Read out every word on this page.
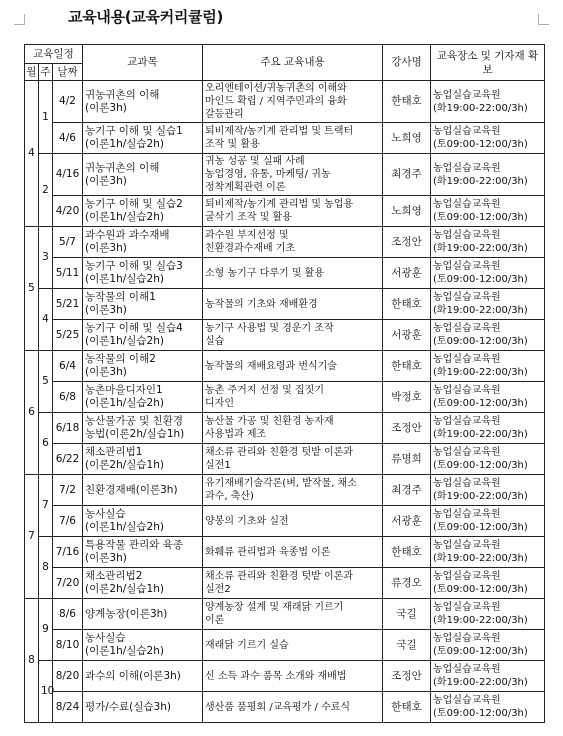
교육내용(교육커리큘럼)
교육일정			교과목	주요 교육내용	강사명	교육장소 및 기자재 확보
월	주	날짜				
4	1	4/2	귀농귀촌의 이해
(이론3h)	오리엔테이션/귀농귀촌의 이해와
마인드 확립 / 지역주민과의 융화
갈등관리	한태호	농업실습교육원
(화19:00-22:00/3h)

		4/6	농기구 이해 및 실습1
(이론1h/실습2h)	퇴비제작/농기계 관리법 및 트랙터
조작 및 활용	노희영	농업실습교육원
(토09:00-12:00/3h)

	2	4/16	귀농귀촌의 이해
(이론3h)	귀농 성공 및 실패 사례
농업경영, 유통, 마케팅/ 귀농
정착계획관련 이론	최경주	농업실습교육원
(화19:00-22:00/3h)

		4/20	농기구 이해 및 실습2
(이론1h/실습2h)	퇴비제작/농기계 관리법 및 농업용
굴삭기 조작 및 활용	노희영	농업실습교육원
(토09:00-12:00/3h)

5	3	5/7	과수원과 과수재배
(이론3h)	과수원 부지선정 및
친환경과수재배 기초	조정안	농업실습교육원
(화19:00-22:00/3h)

		5/11	농기구 이해 및 실습3
(이론1h/실습2h)	소형 농기구 다루기 및 활용	서광훈	농업실습교육원
(토09:00-12:00/3h)

	4	5/21	농작물의 이해1
(이론3h)	농작물의 기초와 재배환경	한태호	농업실습교육원
(화19:00-22:00/3h)

		5/25	농기구 이해 및 실습4
(이론1h/실습2h)	농기구 사용법 및 경운기 조작
실습	서광훈	농업실습교육원
(토09:00-12:00/3h)

6	5	6/4	농작물의 이해2
(이론3h)	농작물의 재배요령과 번식기술	한태호	농업실습교육원
(화19:00-22:00/3h)

		6/8	농촌마을디자인1
(이론1h/실습2h)	농촌 주거지 선정 및 집짓기
디자인	박정호	농업실습교육원
(토09:00-12:00/3h)

	6	6/18	농산물가공 및 친환경
농법(이론2h/실습1h)	농산물 가공 및 친환경 농자재
사용법과 제조	조정안	농업실습교육원
(화19:00-22:00/3h)

		6/22	채소관리법1
(이론2h/실습1h)	채소류 관리와 친환경 텃밭 이론과
실전1	류명희	농업실습교육원
(토09:00-12:00/3h)

7	7	7/2	친환경재배(이론3h)	유기재배기술각론(벼, 밭작물, 채소
과수, 축산)	최경주	농업실습교육원
(화19:00-22:00/3h)

		7/6	농사실습
(이론1h/실습2h)	양봉의 기초와 실전	서광훈	농업실습교육원
(토09:00-12:00/3h)

	8	7/16	특용작물 관리와 육종
(이론3h)	화훼류 관리법과 육종법 이론	한태호	농업실습교육원
(화19:00-22:00/3h)

		7/20	채소관리법2
(이론2h/실습1h)	채소류 관리와 친환경 텃밭 이론과
실전2	류경오	농업실습교육원
(토09:00-12:00/3h)

8	9	8/6	양계농장(이론3h)	양계농장 설계 및 재래닭 기르기
이론	국길	농업실습교육원
(화19:00-22:00/3h)

		8/10	농사실습
(이론1h/실습2h)	재래닭 기르기 실습	국길	농업실습교육원
(토09:00-12:00/3h)

	10	8/20	과수의 이해(이론3h)	신 소득 과수 품목 소개와 재배법	조정안	농업실습교육원
(화19:00-22:00/3h)

		8/24	평가/수료(실습3h)	생산품 품평회 /교육평가 / 수료식	한태호	농업실습교육원
(토09:00-12:00/3h)
